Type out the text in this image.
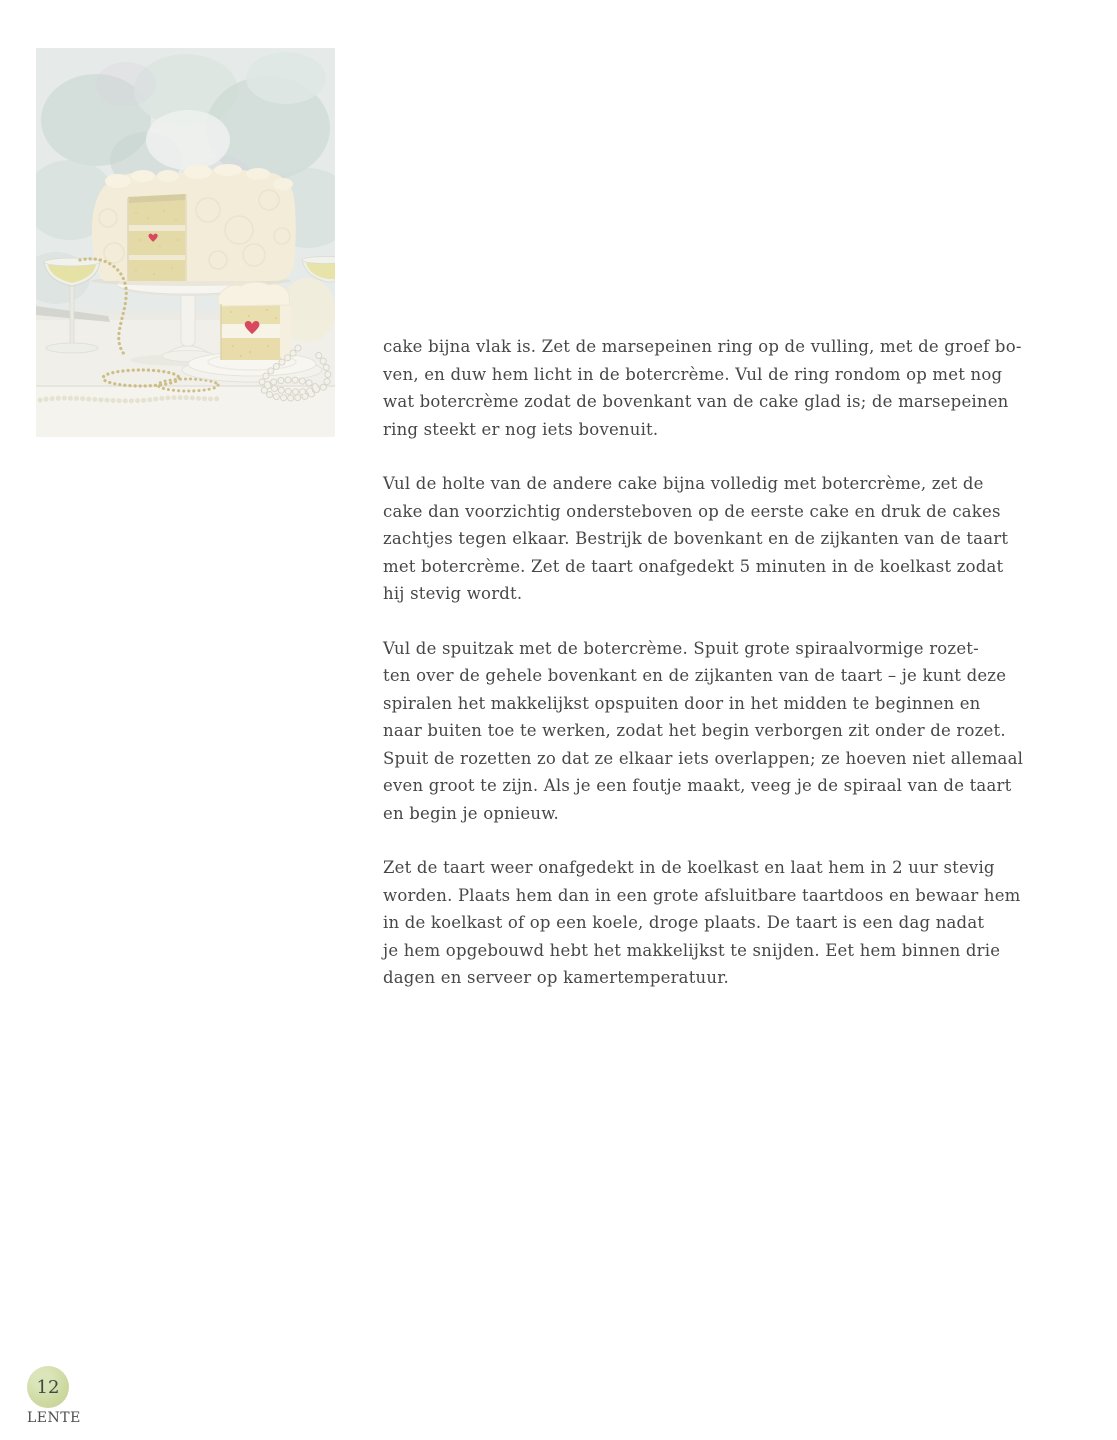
cake bijna vlak is. Zet de marsepeinen ring op de vulling, met de groef bo-
ven, en duw hem licht in de botercrème. Vul de ring rondom op met nog
wat botercrème zodat de bovenkant van de cake glad is; de marsepeinen
ring steekt er nog iets bovenuit.

Vul de holte van de andere cake bijna volledig met botercrème, zet de
cake dan voorzichtig ondersteboven op de eerste cake en druk de cakes
zachtjes tegen elkaar. Bestrijk de bovenkant en de zijkanten van de taart
met botercrème. Zet de taart onafgedekt 5 minuten in de koelkast zodat
hij stevig wordt.

Vul de spuitzak met de botercrème. Spuit grote spiraalvormige rozet-
ten over de gehele bovenkant en de zijkanten van de taart – je kunt deze
spiralen het makkelijkst opspuiten door in het midden te beginnen en
naar buiten toe te werken, zodat het begin verborgen zit onder de rozet.
Spuit de rozetten zo dat ze elkaar iets overlappen; ze hoeven niet allemaal
even groot te zijn. Als je een foutje maakt, veeg je de spiraal van de taart
en begin je opnieuw.

Zet de taart weer onafgedekt in de koelkast en laat hem in 2 uur stevig
worden. Plaats hem dan in een grote afsluitbare taartdoos en bewaar hem
in de koelkast of op een koele, droge plaats. De taart is een dag nadat
je hem opgebouwd hebt het makkelijkst te snijden. Eet hem binnen drie
dagen en serveer op kamertemperatuur.

12
LENTE
